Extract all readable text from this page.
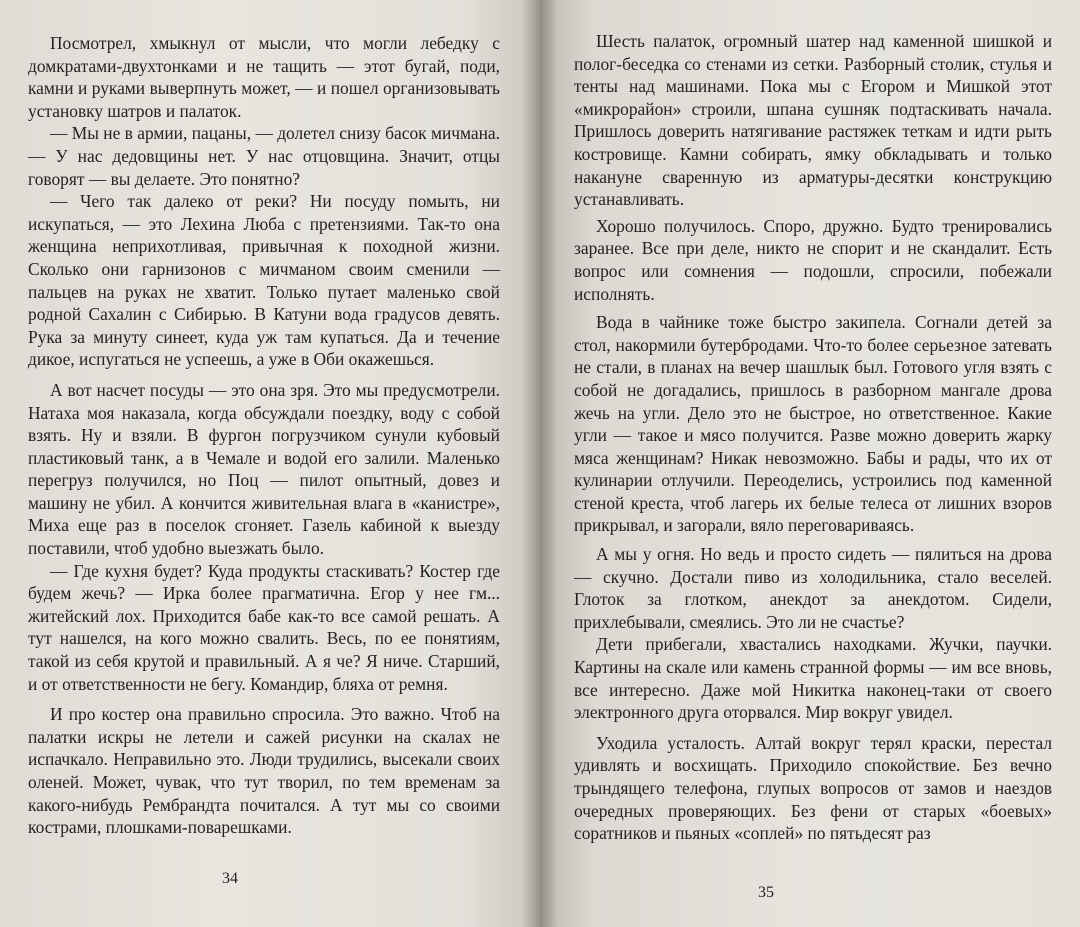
Посмотрел, хмыкнул от мысли, что могли лебедку с домкратами-двухтонками и не тащить — этот бугай, поди, камни и руками выверпнуть может, — и пошел организовывать установку шатров и палаток.

— Мы не в армии, пацаны, — долетел снизу басок мичмана. — У нас дедовщины нет. У нас отцовщина. Значит, отцы говорят — вы делаете. Это понятно?

— Чего так далеко от реки? Ни посуду помыть, ни искупаться, — это Лехина Люба с претензиями. Так-то она женщина неприхотливая, привычная к походной жизни. Сколько они гарнизонов с мичманом своим сменили — пальцев на руках не хватит. Только путает маленько свой родной Сахалин с Сибирью. В Катуни вода градусов девять. Рука за минуту синеет, куда уж там купаться. Да и течение дикое, испугаться не успеешь, а уже в Оби окажешься.

А вот насчет посуды — это она зря. Это мы предусмотрели. Натаха моя наказала, когда обсуждали поездку, воду с собой взять. Ну и взяли. В фургон погрузчиком сунули кубовый пластиковый танк, а в Чемале и водой его залили. Маленько перегруз получился, но Поц — пилот опытный, довез и машину не убил. А кончится живительная влага в «канистре», Миха еще раз в поселок сгоняет. Газель кабиной к выезду поставили, чтоб удобно выезжать было.

— Где кухня будет? Куда продукты стаскивать? Костер где будем жечь? — Ирка более прагматична. Егор у нее гм... житейский лох. Приходится бабе как-то все самой решать. А тут нашелся, на кого можно свалить. Весь, по ее понятиям, такой из себя крутой и правильный. А я че? Я ниче. Старший, и от ответственности не бегу. Командир, бляха от ремня.

И про костер она правильно спросила. Это важно. Чтоб на палатки искры не летели и сажей рисунки на скалах не испачкало. Неправильно это. Люди трудились, высекали своих оленей. Может, чувак, что тут творил, по тем временам за какого-нибудь Рембрандта почитался. А тут мы со своими кострами, плошками-поварешками.

34

Шесть палаток, огромный шатер над каменной шишкой и полог-беседка со стенами из сетки. Разборный столик, стулья и тенты над машинами. Пока мы с Егором и Мишкой этот «микрорайон» строили, шпана сушняк подтаскивать начала. Пришлось доверить натягивание растяжек теткам и идти рыть костровище. Камни собирать, ямку обкладывать и только накануне сваренную из арматуры-десятки конструкцию устанавливать.

Хорошо получилось. Споро, дружно. Будто тренировались заранее. Все при деле, никто не спорит и не скандалит. Есть вопрос или сомнения — подошли, спросили, побежали исполнять.

Вода в чайнике тоже быстро закипела. Согнали детей за стол, накормили бутербродами. Что-то более серьезное затевать не стали, в планах на вечер шашлык был. Готового угля взять с собой не догадались, пришлось в разборном мангале дрова жечь на угли. Дело это не быстрое, но ответственное. Какие угли — такое и мясо получится. Разве можно доверить жарку мяса женщинам? Никак невозможно. Бабы и рады, что их от кулинарии отлучили. Переоделись, устроились под каменной стеной креста, чтоб лагерь их белые телеса от лишних взоров прикрывал, и загорали, вяло переговариваясь.

А мы у огня. Но ведь и просто сидеть — пялиться на дрова — скучно. Достали пиво из холодильника, стало веселей. Глоток за глотком, анекдот за анекдотом. Сидели, прихлебывали, смеялись. Это ли не счастье?

Дети прибегали, хвастались находками. Жучки, паучки. Картины на скале или камень странной формы — им все вновь, все интересно. Даже мой Никитка наконец-таки от своего электронного друга оторвался. Мир вокруг увидел.

Уходила усталость. Алтай вокруг терял краски, перестал удивлять и восхищать. Приходило спокойствие. Без вечно трындящего телефона, глупых вопросов от замов и наездов очередных проверяющих. Без фени от старых «боевых» соратников и пьяных «соплей» по пятьдесят раз

35
